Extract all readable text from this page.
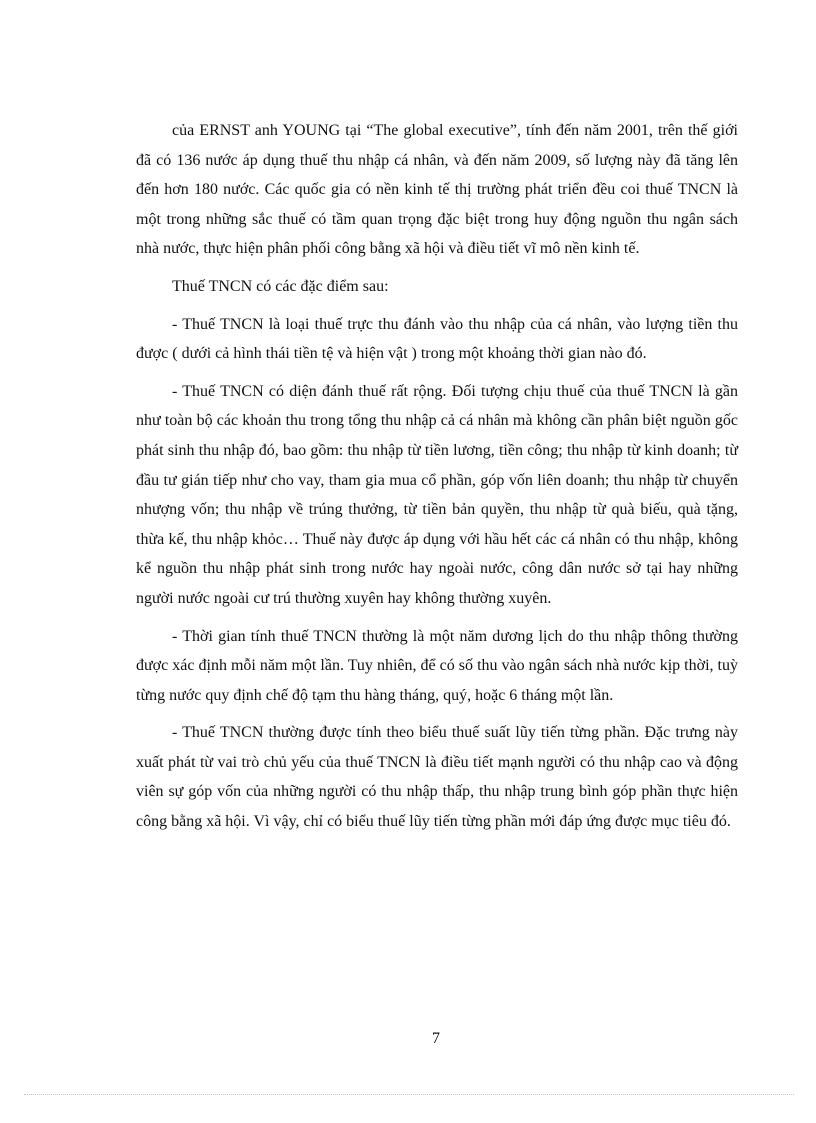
của ERNST anh YOUNG tại “The global executive”, tính đến năm 2001, trên thế giới đã có 136 nước áp dụng thuế thu nhập cá nhân, và đến năm 2009, số lượng này đã tăng lên đến hơn 180 nước. Các quốc gia có nền kinh tế thị trường phát triển đều coi thuế TNCN là một trong những sắc thuế có tầm quan trọng đặc biệt trong huy động nguồn thu ngân sách nhà nước, thực hiện phân phối công bằng xã hội và điều tiết vĩ mô nền kinh tế.

Thuế TNCN có các đặc điểm sau:

- Thuế TNCN là loại thuế trực thu đánh vào thu nhập của cá nhân, vào lượng tiền thu được ( dưới cả hình thái tiền tệ và hiện vật ) trong một khoảng thời gian nào đó.

- Thuế TNCN có diện đánh thuế rất rộng. Đối tượng chịu thuế của thuế TNCN là gần như toàn bộ các khoản thu trong tổng thu nhập cả cá nhân mà không cần phân biệt nguồn gốc phát sinh thu nhập đó, bao gồm: thu nhập từ tiền lương, tiền công; thu nhập từ kinh doanh; từ đầu tư gián tiếp như cho vay, tham gia mua cổ phần, góp vốn liên doanh; thu nhập từ chuyển nhượng vốn; thu nhập về trúng thưởng, từ tiền bản quyền, thu nhập từ quà biếu, quà tặng, thừa kế, thu nhập khỏc… Thuế này được áp dụng với hầu hết các cá nhân có thu nhập, không kể nguồn thu nhập phát sinh trong nước hay ngoài nước, công dân nước sở tại hay những người nước ngoài cư trú thường xuyên hay không thường xuyên.

- Thời gian tính thuế TNCN thường là một năm dương lịch do thu nhập thông thường được xác định mỗi năm một lần. Tuy nhiên, để có số thu vào ngân sách nhà nước kịp thời, tuỳ từng nước quy định chế độ tạm thu hàng tháng, quý, hoặc 6 tháng một lần.

- Thuế TNCN thường được tính theo biểu thuế suất lũy tiến từng phần. Đặc trưng này xuất phát từ vai trò chủ yếu của thuế TNCN là điều tiết mạnh người có thu nhập cao và động viên sự góp vốn của những người có thu nhập thấp, thu nhập trung bình góp phần thực hiện công bằng xã hội. Vì vậy, chỉ có biểu thuế lũy tiến từng phần mới đáp ứng được mục tiêu đó.

7
